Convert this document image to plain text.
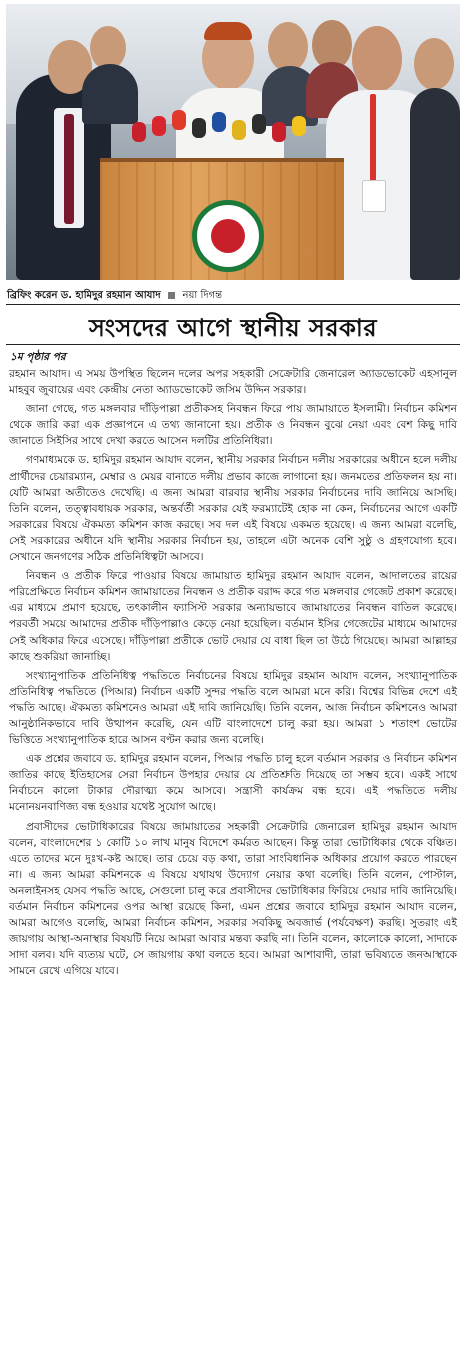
ব্রিফিং করেন ড. হামিদুর রহমান আযাদ নয়া দিগন্ত
সংসদের আগে স্থানীয় সরকার
১ম পৃষ্ঠার পর

রহমান আযাদ। এ সময় উপস্থিত ছিলেন দলের অপর সহকারী সেক্রেটারি জেনারেল অ্যাডভোকেট এহসানুল মাহবুব জুবায়ের এবং কেন্দ্রীয় নেতা অ্যাডভোকেট জসিম উদ্দিন সরকার।

জানা গেছে, গত মঙ্গলবার দাঁড়িপাল্লা প্রতীকসহ নিবন্ধন ফিরে পায় জামায়াতে ইসলামী। নির্বাচন কমিশন থেকে জারি করা এক প্রজ্ঞাপনে এ তথ্য জানানো হয়। প্রতীক ও নিবন্ধন বুঝে নেয়া এবং বেশ কিছু দাবি জানাতে সিইসির সাথে দেখা করতে আসেন দলটির প্রতিনিধিরা।

গণমাধ্যমকে ড. হামিদুর রহমান আযাদ বলেন, স্থানীয় সরকার নির্বাচন দলীয় সরকারের অধীনে হলে দলীয় প্রার্থীদের চেয়ারম্যান, মেম্বার ও মেয়র বানাতে দলীয় প্রভাব কাজে লাগানো হয়। জনমতের প্রতিফলন হয় না। যেটি আমরা অতীতেও দেখেছি। এ জন্য আমরা বারবার স্থানীয় সরকার নির্বাচনের দাবি জানিয়ে আসছি। তিনি বলেন, তত্ত্বাবধায়ক সরকার, অন্তর্বর্তী সরকার যেই ফরম্যাটেই হোক না কেন, নির্বাচনের আগে একটি সরকারের বিষয়ে ঐকমত্য কমিশন কাজ করছে। সব দল এই বিষয়ে একমত হয়েছে। এ জন্য আমরা বলেছি, সেই সরকারের অধীনে যদি স্থানীয় সরকার নির্বাচন হয়, তাহলে এটা অনেক বেশি সুষ্ঠু ও গ্রহণযোগ্য হবে। সেখানে জনগণের সঠিক প্রতিনিধিত্বটা আসবে।

নিবন্ধন ও প্রতীক ফিরে পাওয়ার বিষয়ে জামায়াত হামিদুর রহমান আযাদ বলেন, আদালতের রায়ের পরিপ্রেক্ষিতে নির্বাচন কমিশন জামায়াতের নিবন্ধন ও প্রতীক বরাদ্দ করে গত মঙ্গলবার গেজেট প্রকাশ করেছে। এর মাধ্যমে প্রমাণ হয়েছে, তৎকালীন ফ্যাসিস্ট সরকার অন্যায়ভাবে জামায়াতের নিবন্ধন বাতিল করেছে। পরবর্তী সময়ে আমাদের প্রতীক দাঁড়িপাল্লাও কেড়ে নেয়া হয়েছিল। বর্তমান ইসির গেজেটের মাধ্যমে আমাদের সেই অধিকার ফিরে এসেছে। দাঁড়িপাল্লা প্রতীকে ভোট দেয়ার যে বাধা ছিল তা উঠে গিয়েছে। আমরা আল্লাহর কাছে শুকরিয়া জানাচ্ছি।

সংখ্যানুপাতিক প্রতিনিধিত্ব পদ্ধতিতে নির্বাচনের বিষয়ে হামিদুর রহমান আযাদ বলেন, সংখ্যানুপাতিক প্রতিনিধিত্ব পদ্ধতিতে (পিআর) নির্বাচন একটি সুন্দর পদ্ধতি বলে আমরা মনে করি। বিশ্বের বিভিন্ন দেশে এই পদ্ধতি আছে। ঐকমত্য কমিশনেও আমরা এই দাবি জানিয়েছি। তিনি বলেন, আজ নির্বাচন কমিশনেও আমরা আনুষ্ঠানিকভাবে দাবি উত্থাপন করেছি, যেন এটি বাংলাদেশে চালু করা হয়। আমরা ১ শতাংশ ভোটের ভিত্তিতে সংখ্যানুপাতিক হারে আসন বণ্টন করার জন্য বলেছি।

এক প্রশ্নের জবাবে ড. হামিদুর রহমান বলেন, পিআর পদ্ধতি চালু হলে বর্তমান সরকার ও নির্বাচন কমিশন জাতির কাছে ইতিহাসের সেরা নির্বাচন উপহার দেয়ার যে প্রতিশ্রুতি দিয়েছে তা সম্ভব হবে। একই সাথে নির্বাচনে কালো টাকার দৌরাত্ম্য কমে আসবে। সন্ত্রাসী কার্যক্রম বন্ধ হবে। এই পদ্ধতিতে দলীয় মনোনয়নবাণিজ্য বন্ধ হওয়ার যথেষ্ট সুযোগ আছে।

প্রবাসীদের ভোটাধিকারের বিষয়ে জামায়াতের সহকারী সেক্রেটারি জেনারেল হামিদুর রহমান আযাদ বলেন, বাংলাদেশের ১ কোটি ১০ লাখ মানুষ বিদেশে কর্মরত আছেন। কিন্তু তারা ভোটাধিকার থেকে বঞ্চিত। এতে তাদের মনে দুঃখ-কষ্ট আছে। তার চেয়ে বড় কথা, তারা সাংবিধানিক অধিকার প্রয়োগ করতে পারছেন না। এ জন্য আমরা কমিশনকে এ বিষয়ে যথাযথ উদ্যোগ নেয়ার কথা বলেছি। তিনি বলেন, পোস্টাল, অনলাইনসহ যেসব পদ্ধতি আছে, সেগুলো চালু করে প্রবাসীদের ভোটাধিকার ফিরিয়ে দেয়ার দাবি জানিয়েছি। বর্তমান নির্বাচন কমিশনের ওপর আস্থা রয়েছে কিনা, এমন প্রশ্নের জবাবে হামিদুর রহমান আযাদ বলেন, আমরা আগেও বলেছি, আমরা নির্বাচন কমিশন, সরকার সবকিছু অবজার্ভ (পর্যবেক্ষণ) করছি। সুতরাং এই জায়গায় আস্থা-অনাস্থার বিষয়টি নিয়ে আমরা আবার মন্তব্য করছি না। তিনি বলেন, কালোকে কালো, সাদাকে সাদা বলব। যদি ব্যত্যয় ঘটে, সে জায়গায় কথা বলতে হবে। আমরা আশাবাদী, তারা ভবিষ্যতে জনআস্থাকে সামনে রেখে এগিয়ে যাবে।
